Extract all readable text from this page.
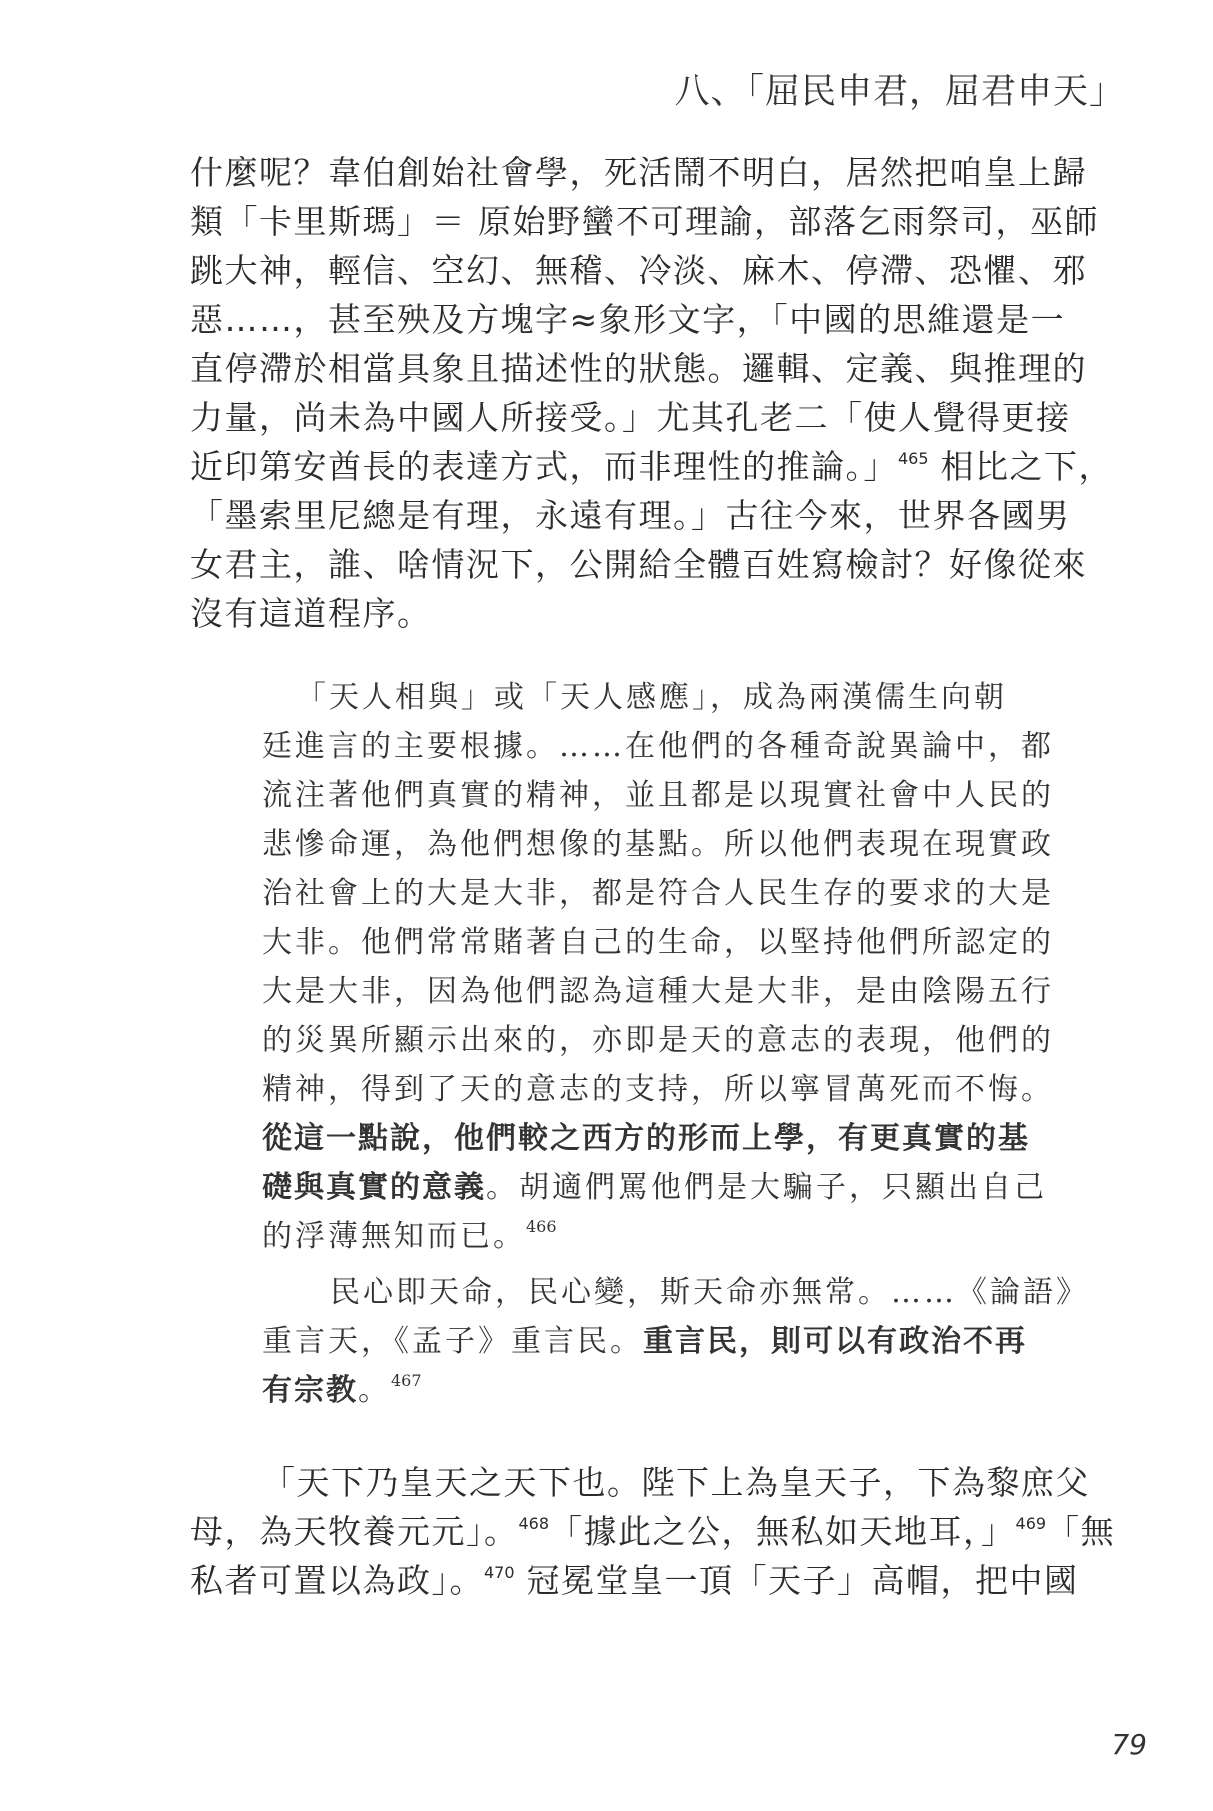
八、「屈民申君，屈君申天」
什麼呢？韋伯創始社會學，死活鬧不明白，居然把咱皇上歸
類「卡里斯瑪」＝ 原始野蠻不可理諭，部落乞雨祭司，巫師
跳大神，輕信、空幻、無稽、冷淡、麻木、停滯、恐懼、邪
惡……，甚至殃及方塊字≈象形文字，「中國的思維還是一
直停滯於相當具象且描述性的狀態。邏輯、定義、與推理的
力量，尚未為中國人所接受。」尤其孔老二「使人覺得更接
近印第安酋長的表達方式，而非理性的推論。」$^{465}$ 相比之下，
「墨索里尼總是有理，永遠有理。」古往今來，世界各國男
女君主，誰、啥情況下，公開給全體百姓寫檢討？好像從來
沒有這道程序。
「天人相與」或「天人感應」，成為兩漢儒生向朝
廷進言的主要根據。……在他們的各種奇說異論中，都
流注著他們真實的精神，並且都是以現實社會中人民的
悲慘命運，為他們想像的基點。所以他們表現在現實政
治社會上的大是大非，都是符合人民生存的要求的大是
大非。他們常常賭著自己的生命，以堅持他們所認定的
大是大非，因為他們認為這種大是大非，是由陰陽五行
的災異所顯示出來的，亦即是天的意志的表現，他們的
精神，得到了天的意志的支持，所以寧冒萬死而不悔。
從這一點說，他們較之西方的形而上學，有更真實的基
礎與真實的意義。胡適們罵他們是大騙子，只顯出自己
的浮薄無知而已。$^{466}$
民心即天命，民心變，斯天命亦無常。……《論語》
重言天，《孟子》重言民。重言民，則可以有政治不再
有宗教。$^{467}$
「天下乃皇天之天下也。陛下上為皇天子，下為黎庶父
母，為天牧養元元」。$^{468}$「據此之公，無私如天地耳，」$^{469}$「無
私者可置以為政」。$^{470}$ 冠冕堂皇一頂「天子」高帽，把中國
79
